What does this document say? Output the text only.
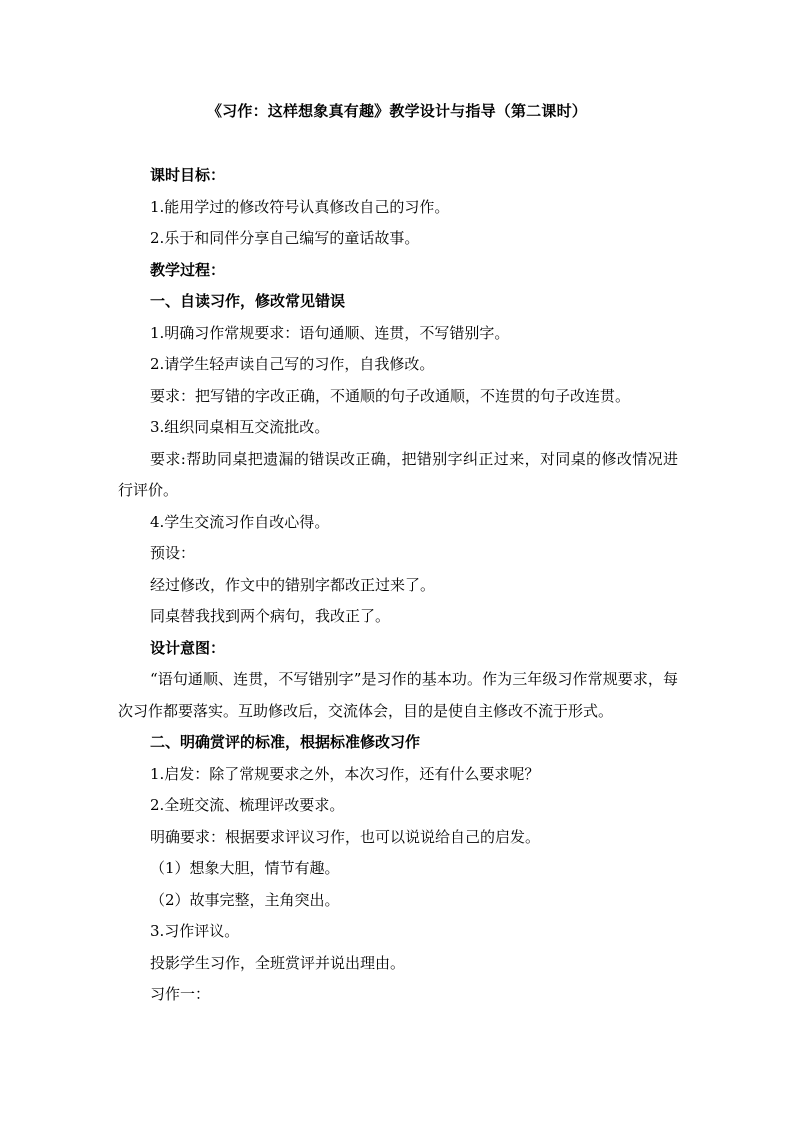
《习作：这样想象真有趣》教学设计与指导（第二课时）
课时目标：
1.能用学过的修改符号认真修改自己的习作。
2.乐于和同伴分享自己编写的童话故事。
教学过程：
一、自读习作，修改常见错误
1.明确习作常规要求：语句通顺、连贯，不写错别字。
2.请学生轻声读自己写的习作，自我修改。
要求：把写错的字改正确，不通顺的句子改通顺，不连贯的句子改连贯。
3.组织同桌相互交流批改。
要求:帮助同桌把遗漏的错误改正确，把错别字纠正过来，对同桌的修改情况进行评价。
4.学生交流习作自改心得。
预设：
经过修改，作文中的错别字都改正过来了。
同桌替我找到两个病句，我改正了。
设计意图：
“语句通顺、连贯，不写错别字”是习作的基本功。作为三年级习作常规要求，每次习作都要落实。互助修改后，交流体会，目的是使自主修改不流于形式。
二、明确赏评的标准，根据标准修改习作
1.启发：除了常规要求之外，本次习作，还有什么要求呢？
2.全班交流、梳理评改要求。
明确要求：根据要求评议习作，也可以说说给自己的启发。
（1）想象大胆，情节有趣。
（2）故事完整，主角突出。
3.习作评议。
投影学生习作，全班赏评并说出理由。
习作一：
